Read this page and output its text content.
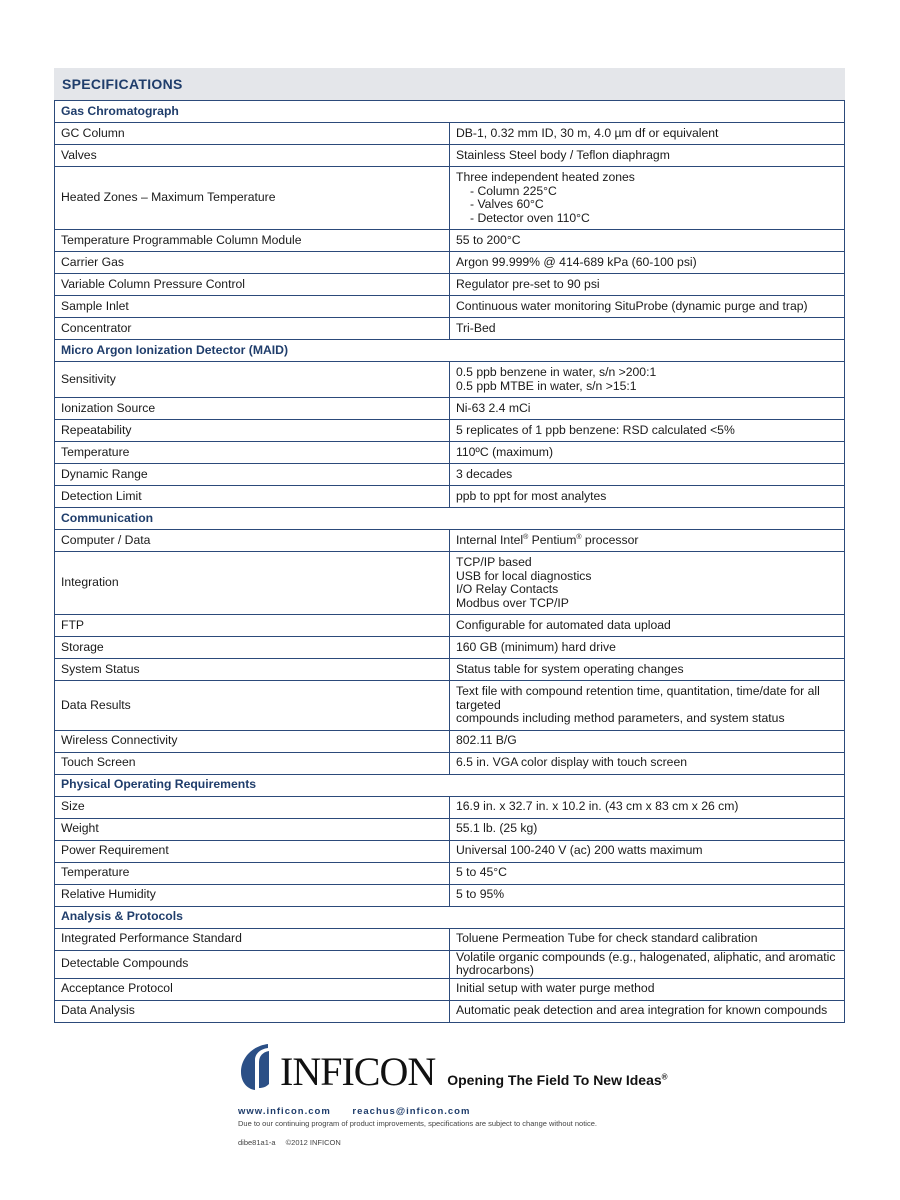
SPECIFICATIONS
Gas Chromatograph	
GC Column	DB-1, 0.32 mm ID, 30 m, 4.0 µm df or equivalent

Valves	Stainless Steel body / Teflon diaphragm

Heated Zones – Maximum Temperature	Three independent heated zones
- Column 225°C
- Valves 60°C
- Detector oven 110°C

Temperature Programmable Column Module	55 to 200°C

Carrier Gas	Argon 99.999% @ 414-689 kPa (60-100 psi)

Variable Column Pressure Control	Regulator pre-set to 90 psi

Sample Inlet	Continuous water monitoring SituProbe (dynamic purge and trap)

Concentrator	Tri-Bed

Micro Argon Ionization Detector (MAID)	
Sensitivity	0.5 ppb benzene in water, s/n >200:1
0.5 ppb MTBE in water, s/n >15:1

Ionization Source	Ni-63 2.4 mCi

Repeatability	5 replicates of 1 ppb benzene: RSD calculated <5%

Temperature	110ºC (maximum)

Dynamic Range	3 decades

Detection Limit	ppb to ppt for most analytes

Communication	
Computer / Data	Internal Intel® Pentium® processor

Integration	TCP/IP based
USB for local diagnostics
I/O Relay Contacts
Modbus over TCP/IP

FTP	Configurable for automated data upload

Storage	160 GB (minimum) hard drive

System Status	Status table for system operating changes

Data Results	Text file with compound retention time, quantitation, time/date for all targeted
compounds including method parameters, and system status

Wireless Connectivity	802.11 B/G

Touch Screen	6.5 in. VGA color display with touch screen

Physical Operating Requirements	
Size	16.9 in. x 32.7 in. x 10.2 in. (43 cm x 83 cm x 26 cm)

Weight	55.1 lb. (25 kg)

Power Requirement	Universal 100-240 V (ac) 200 watts maximum

Temperature	5 to 45°C

Relative Humidity	5 to 95%

Analysis & Protocols	
Integrated Performance Standard	Toluene Permeation Tube for check standard calibration

Detectable Compounds	Volatile organic compounds (e.g., halogenated, aliphatic, and aromatic hydrocarbons)

Acceptance Protocol	Initial setup with water purge method

Data Analysis	Automatic peak detection and area integration for known compounds
INFICON Opening The Field To New Ideas®
www.inficon.com reachus@inficon.com
Due to our continuing program of product improvements, specifications are subject to change without notice.
dibe81a1-a ©2012 INFICON
